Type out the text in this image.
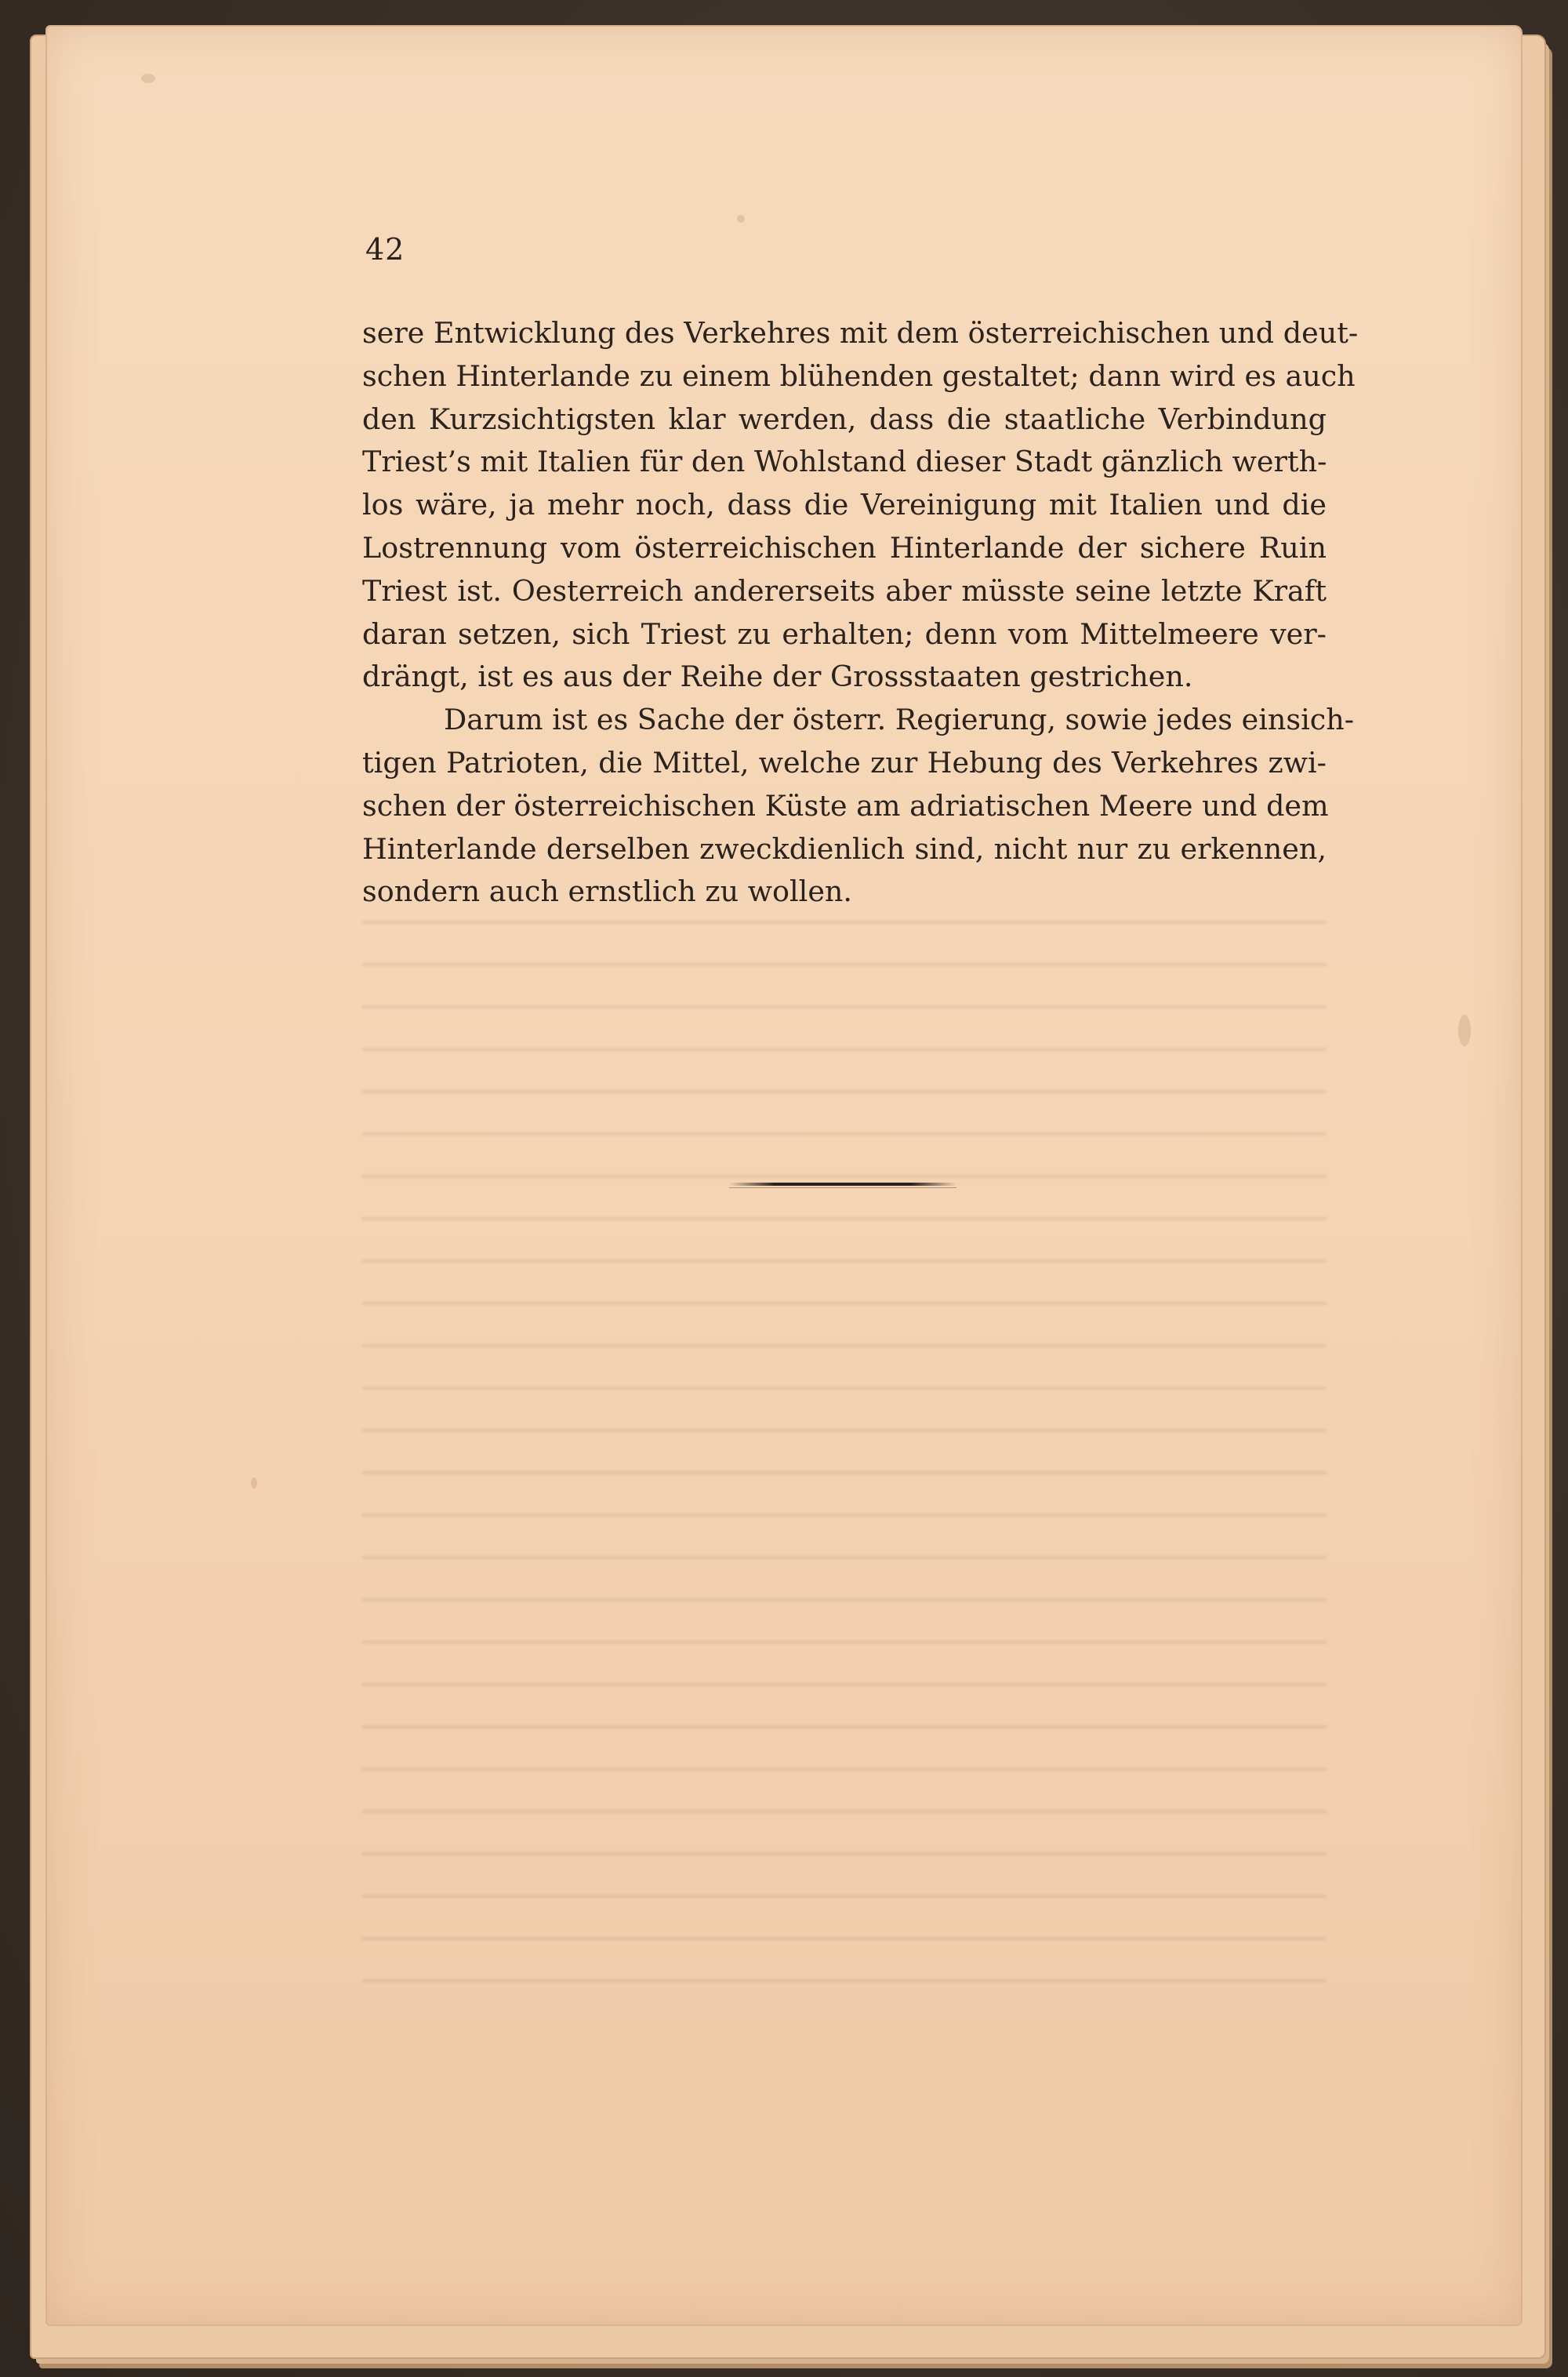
42
sere Entwicklung des Verkehres mit dem österreichischen und deut-
schen Hinterlande zu einem blühenden gestaltet; dann wird es auch
den Kurzsichtigsten klar werden, dass die staatliche Verbindung
Triest’s mit Italien für den Wohlstand dieser Stadt gänzlich werth-
los wäre, ja mehr noch, dass die Vereinigung mit Italien und die
Lostrennung vom österreichischen Hinterlande der sichere Ruin
Triest ist. Oesterreich andererseits aber müsste seine letzte Kraft
daran setzen, sich Triest zu erhalten; denn vom Mittelmeere ver-
drängt, ist es aus der Reihe der Grossstaaten gestrichen.
Darum ist es Sache der österr. Regierung, sowie jedes einsich-
tigen Patrioten, die Mittel, welche zur Hebung des Verkehres zwi-
schen der österreichischen Küste am adriatischen Meere und dem
Hinterlande derselben zweckdienlich sind, nicht nur zu erkennen,
sondern auch ernstlich zu wollen.
